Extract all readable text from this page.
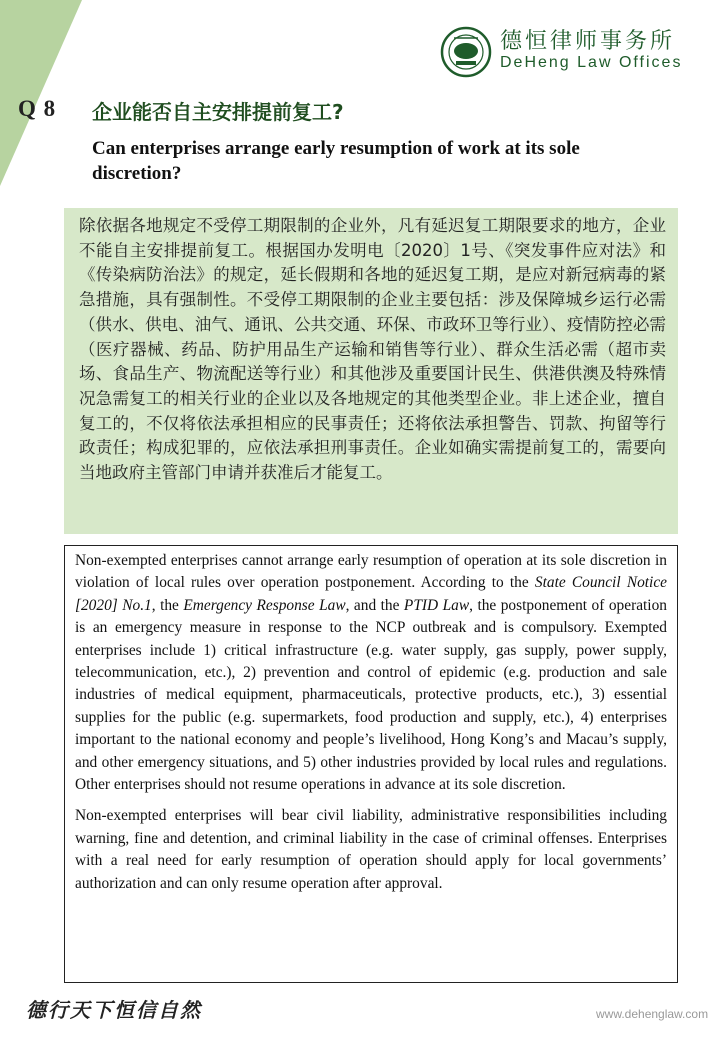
Q 8
德恒律师事务所
DeHeng Law Offices
企业能否自主安排提前复工?
Can enterprises arrange early resumption of work at its sole discretion?

除依据各地规定不受停工期限制的企业外，凡有延迟复工期限要求的地方，企业不能自主安排提前复工。根据国办发明电〔2020〕1号、《突发事件应对法》和《传染病防治法》的规定，延长假期和各地的延迟复工期，是应对新冠病毒的紧急措施，具有强制性。不受停工期限制的企业主要包括：涉及保障城乡运行必需（供水、供电、油气、通讯、公共交通、环保、市政环卫等行业）、疫情防控必需（医疗器械、药品、防护用品生产运输和销售等行业）、群众生活必需（超市卖场、食品生产、物流配送等行业）和其他涉及重要国计民生、供港供澳及特殊情况急需复工的相关行业的企业以及各地规定的其他类型企业。非上述企业，擅自复工的，不仅将依法承担相应的民事责任；还将依法承担警告、罚款、拘留等行政责任；构成犯罪的，应依法承担刑事责任。企业如确实需提前复工的，需要向当地政府主管部门申请并获准后才能复工。

Non-exempted enterprises cannot arrange early resumption of operation at its sole discretion in violation of local rules over operation postponement. According to the State Council Notice [2020] No.1, the Emergency Response Law, and the PTID Law, the postponement of operation is an emergency measure in response to the NCP outbreak and is compulsory. Exempted enterprises include 1) critical infrastructure (e.g. water supply, gas supply, power supply, telecommunication, etc.), 2) prevention and control of epidemic (e.g. production and sale industries of medical equipment, pharmaceuticals, protective products, etc.), 3) essential supplies for the public (e.g. supermarkets, food production and supply, etc.), 4) enterprises important to the national economy and people’s livelihood, Hong Kong’s and Macau’s supply, and other emergency situations, and 5) other industries provided by local rules and regulations. Other enterprises should not resume operations in advance at its sole discretion.

Non-exempted enterprises will bear civil liability, administrative responsibilities including warning, fine and detention, and criminal liability in the case of criminal offenses. Enterprises with a real need for early resumption of operation should apply for local governments’ authorization and can only resume operation after approval.

德行天下恒信自然	www.dehenglaw.com
